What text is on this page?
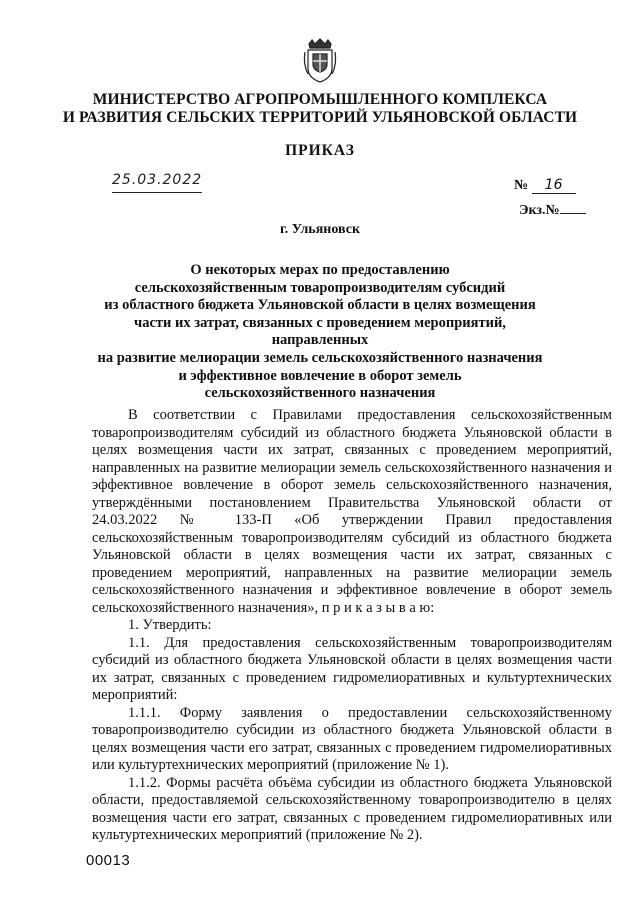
МИНИСТЕРСТВО АГРОПРОМЫШЛЕННОГО КОМПЛЕКСА
И РАЗВИТИЯ СЕЛЬСКИХ ТЕРРИТОРИЙ УЛЬЯНОВСКОЙ ОБЛАСТИ
ПРИКАЗ
25.03.2022	№ 16
Экз.№
г. Ульяновск
О некоторых мерах по предоставлению
сельскохозяйственным товаропроизводителям субсидий
из областного бюджета Ульяновской области в целях возмещения
части их затрат, связанных с проведением мероприятий, направленных
на развитие мелиорации земель сельскохозяйственного назначения
и эффективное вовлечение в оборот земель
сельскохозяйственного назначения

В соответствии с Правилами предоставления сельскохозяйственным товаропроизводителям субсидий из областного бюджета Ульяновской области в целях возмещения части их затрат, связанных с проведением мероприятий, направленных на развитие мелиорации земель сельскохозяйственного назначения и эффективное вовлечение в оборот земель сельскохозяйственного назначения, утверждёнными постановлением Правительства Ульяновской области от 24.03.2022 № 133-П «Об утверждении Правил предоставления сельскохозяйственным товаропроизводителям субсидий из областного бюджета Ульяновской области в целях возмещения части их затрат, связанных с проведением мероприятий, направленных на развитие мелиорации земель сельскохозяйственного назначения и эффективное вовлечение в оборот земель сельскохозяйственного назначения», п р и к а з ы в а ю:

1. Утвердить:

1.1. Для предоставления сельскохозяйственным товаропроизводителям субсидий из областного бюджета Ульяновской области в целях возмещения части их затрат, связанных с проведением гидромелиоративных и культуртехнических мероприятий:

1.1.1. Форму заявления о предоставлении сельскохозяйственному товаропроизводителю субсидии из областного бюджета Ульяновской области в целях возмещения части его затрат, связанных с проведением гидромелиоративных или культуртехнических мероприятий (приложение № 1).

1.1.2. Формы расчёта объёма субсидии из областного бюджета Ульяновской области, предоставляемой сельскохозяйственному товаропроизводителю в целях возмещения части его затрат, связанных с проведением гидромелиоративных или культуртехнических мероприятий (приложение № 2).

00013
